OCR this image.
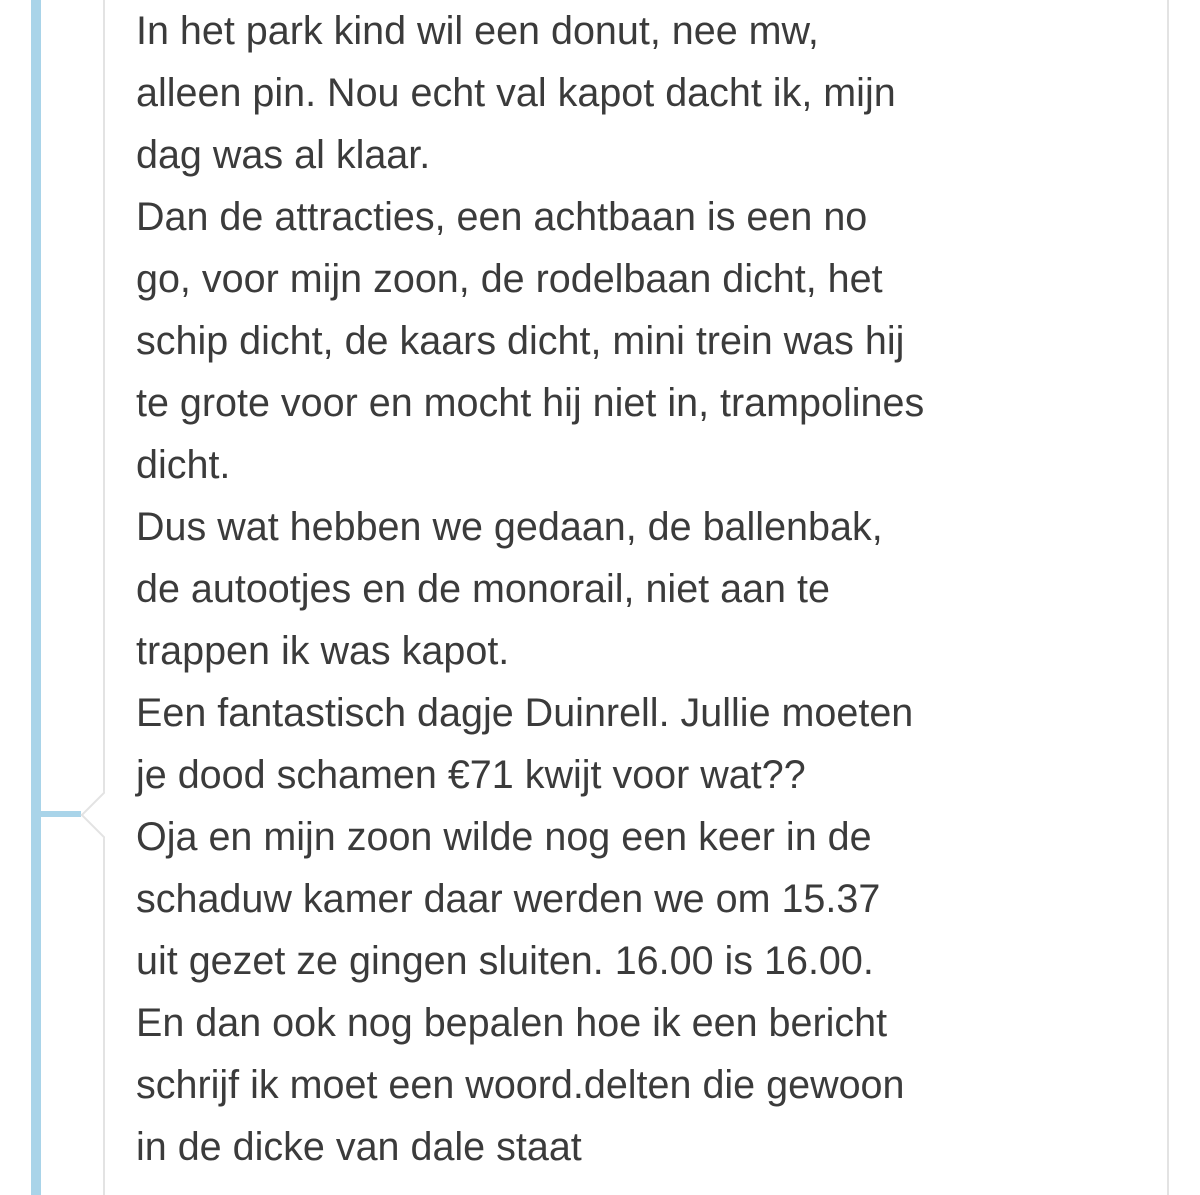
In het park kind wil een donut, nee mw,
alleen pin. Nou echt val kapot dacht ik, mijn
dag was al klaar.
Dan de attracties, een achtbaan is een no
go, voor mijn zoon, de rodelbaan dicht, het
schip dicht, de kaars dicht, mini trein was hij
te grote voor en mocht hij niet in, trampolines
dicht.
Dus wat hebben we gedaan, de ballenbak,
de autootjes en de monorail, niet aan te
trappen ik was kapot.
Een fantastisch dagje Duinrell. Jullie moeten
je dood schamen €71 kwijt voor wat??
Oja en mijn zoon wilde nog een keer in de
schaduw kamer daar werden we om 15.37
uit gezet ze gingen sluiten. 16.00 is 16.00.
En dan ook nog bepalen hoe ik een bericht
schrijf ik moet een woord.delten die gewoon
in de dicke van dale staat
